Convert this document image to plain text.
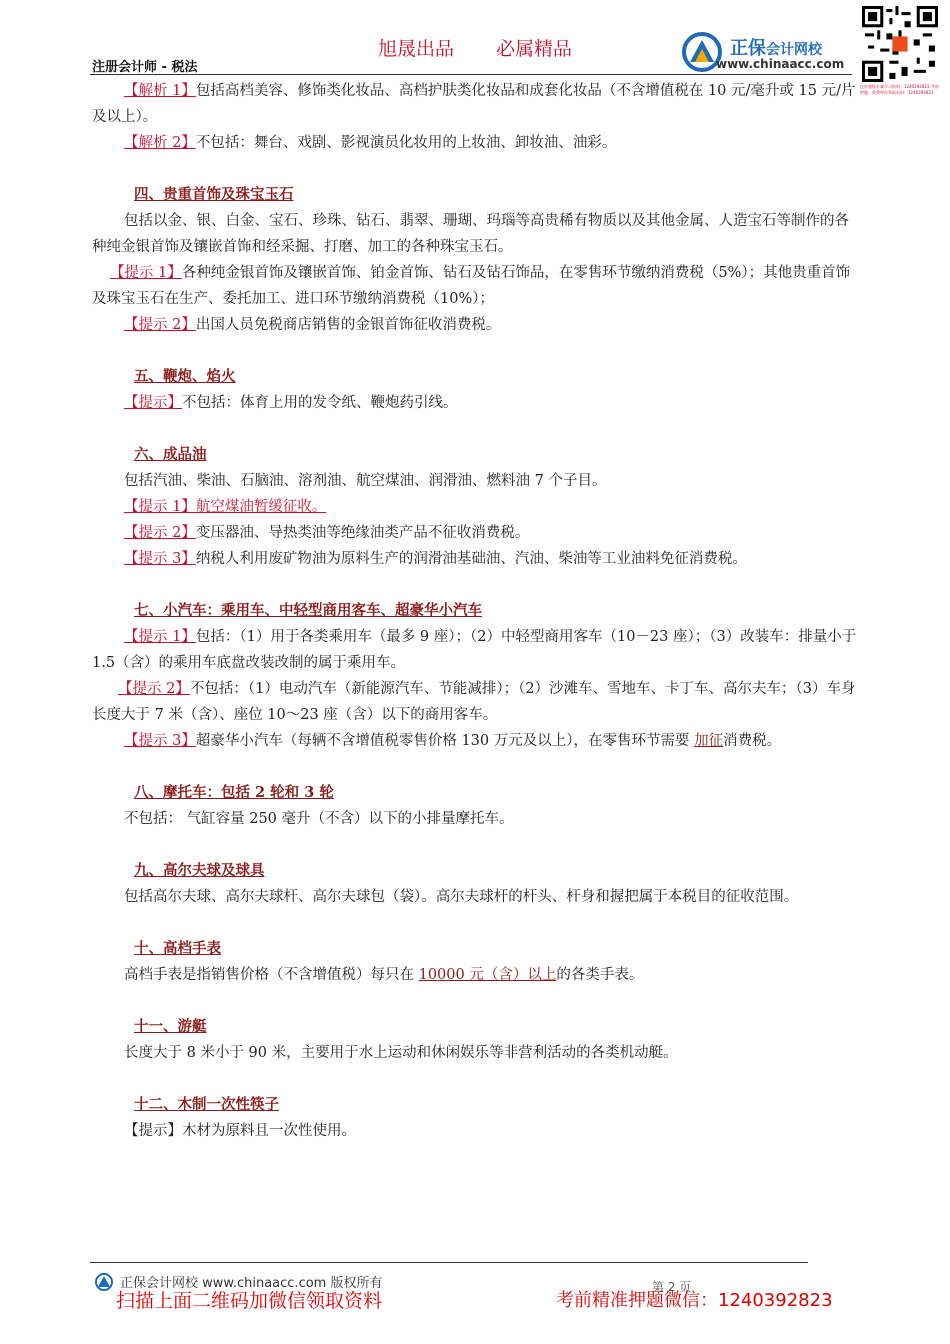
旭晟出品 必属精品
注册会计师 - 税法
正保会计网校
www.chinaacc.com
送你超级专属学习资料：1240392823 考前押题，免费带你领取资料：1240392823

【解析 1】包括高档美容、修饰类化妆品、高档护肤类化妆品和成套化妆品（不含增值税在 10 元/毫升或 15 元/片及以上）。

【解析 2】不包括：舞台、戏剧、影视演员化妆用的上妆油、卸妆油、油彩。

四、贵重首饰及珠宝玉石

包括以金、银、白金、宝石、珍珠、钻石、翡翠、珊瑚、玛瑙等高贵稀有物质以及其他金属、人造宝石等制作的各种纯金银首饰及镶嵌首饰和经采掘、打磨、加工的各种珠宝玉石。

【提示 1】各种纯金银首饰及镶嵌首饰、铂金首饰、钻石及钻石饰品，在零售环节缴纳消费税（5%）；其他贵重首饰及珠宝玉石在生产、委托加工、进口环节缴纳消费税（10%）；

【提示 2】出国人员免税商店销售的金银首饰征收消费税。

五、鞭炮、焰火

【提示】不包括：体育上用的发令纸、鞭炮药引线。

六、成品油

包括汽油、柴油、石脑油、溶剂油、航空煤油、润滑油、燃料油 7 个子目。

【提示 1】航空煤油暂缓征收。

【提示 2】变压器油、导热类油等绝缘油类产品不征收消费税。

【提示 3】纳税人利用废矿物油为原料生产的润滑油基础油、汽油、柴油等工业油料免征消费税。

七、小汽车：乘用车、中轻型商用客车、超豪华小汽车

【提示 1】包括：（1）用于各类乘用车（最多 9 座）；（2）中轻型商用客车（10－23 座）；（3）改装车：排量小于 1.5（含）的乘用车底盘改装改制的属于乘用车。

【提示 2】不包括：（1）电动汽车（新能源汽车、节能减排）；（2）沙滩车、雪地车、卡丁车、高尔夫车；（3）车身长度大于 7 米（含）、座位 10～23 座（含）以下的商用客车。

【提示 3】超豪华小汽车（每辆不含增值税零售价格 130 万元及以上），在零售环节需要 加征消费税。

八、摩托车：包括 2 轮和 3 轮

不包括： 气缸容量 250 毫升（不含）以下的小排量摩托车。

九、高尔夫球及球具

包括高尔夫球、高尔夫球杆、高尔夫球包（袋）。高尔夫球杆的杆头、杆身和握把属于本税目的征收范围。

十、高档手表

高档手表是指销售价格（不含增值税）每只在 10000 元（含）以上的各类手表。

十一、游艇

长度大于 8 米小于 90 米，主要用于水上运动和休闲娱乐等非营利活动的各类机动艇。

十二、木制一次性筷子

【提示】木材为原料且一次性使用。

正保会计网校 www.chinaacc.com 版权所有	第 2 页
扫描上面二维码加微信领取资料	考前精准押题微信：1240392823
